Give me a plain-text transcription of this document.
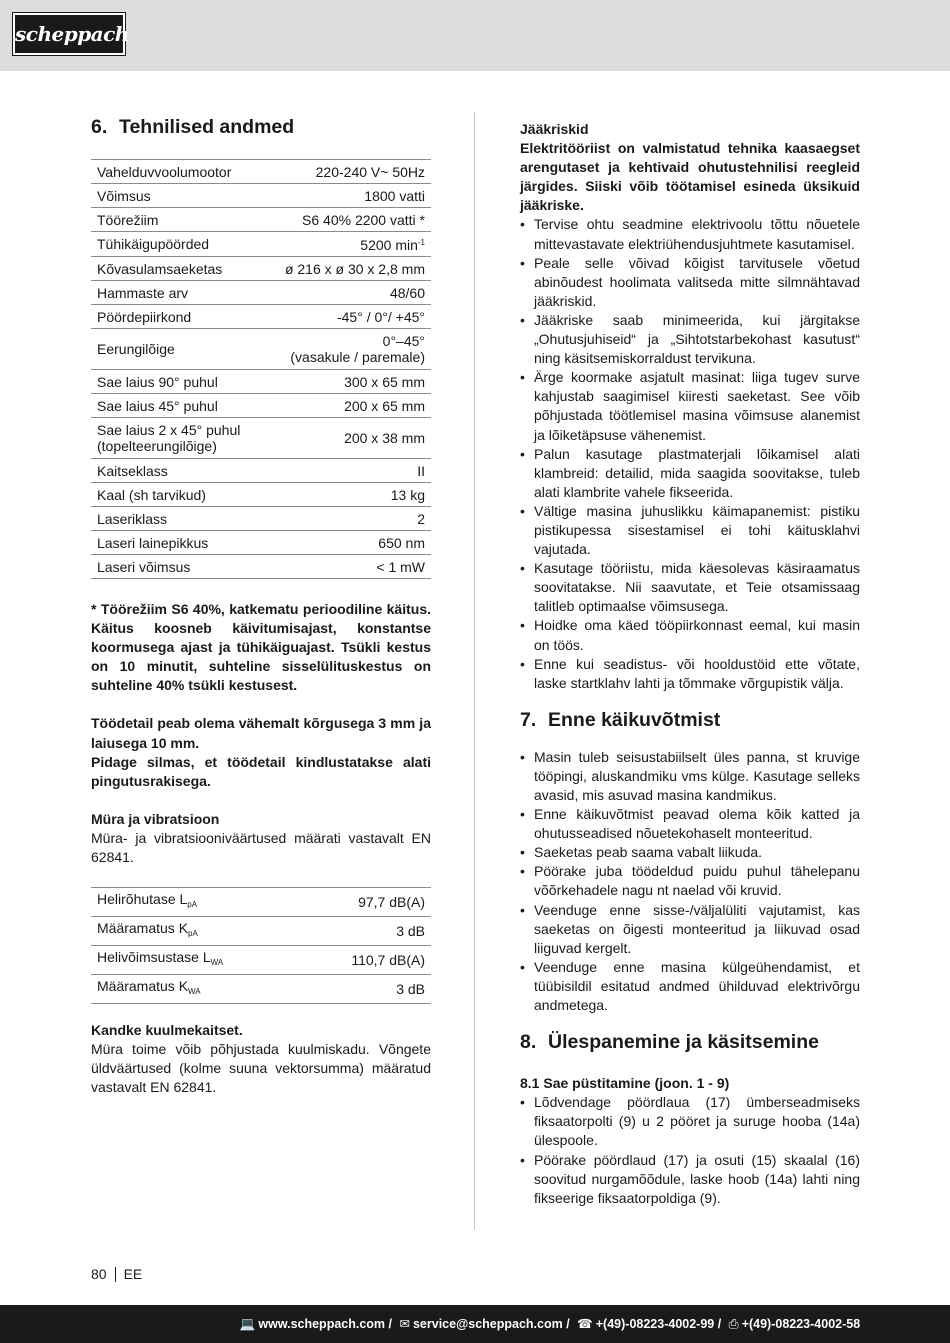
scheppach
6. Tehnilised andmed
Vahelduvvoolumootor	220-240 V~ 50Hz
Võimsus	1800 vatti
Töörežiim	S6 40% 2200 vatti *
Tühikäigupöörded	5200 $\min^{-1}$
Kõvasulamsaeketas	ø 216 x ø 30 x 2,8 mm
Hammaste arv	48/60
Pöördepiirkond	-45° / 0°/ +45°
Eerungilõige	0°–45°
(vasakule / paremale)

Sae laius 90° puhul	300 x 65 mm
Sae laius 45° puhul	200 x 65 mm

Sae laius 2 x 45° puhul
(topelteerungilõige)	200 x 38 mm
Kaitseklass	II
Kaal (sh tarvikud)	13 kg
Laseriklass	2
Laseri lainepikkus	650 nm
Laseri võimsus	< 1 mW

* Töörežiim S6 40%, katkematu perioodiline käitus. Käitus koosneb käivitumisajast, konstantse koormusega ajast ja tühikäiguajast. Tsükli kestus on 10 minutit, suhteline sisselülituskestus on suhteline 40% tsükli kestusest.

Töödetail peab olema vähemalt kõrgusega 3 mm ja laiusega 10 mm.

Pidage silmas, et töödetail kindlustatakse alati pingutusrakisega.

Müra ja vibratsioon

Müra- ja vibratsiooniväärtused määrati vastavalt EN 62841.

Helirõhutase $L_{pA}$	97,7 dB(A)
Määramatus $K_{pA}$	3 dB
Helivõimsustase $L_{WA}$	110,7 dB(A)
Määramatus $K_{WA}$	3 dB

Kandke kuulmekaitset.

Müra toime võib põhjustada kuulmiskadu. Võngete üldväärtused (kolme suuna vektorsumma) määratud vastavalt EN 62841.

Jääkriskid

Elektritööriist on valmistatud tehnika kaasaegset arengutaset ja kehtivaid ohutustehnilisi reegleid järgides. Siiski võib töötamisel esineda üksikuid jääkriske.

• Tervise ohtu seadmine elektrivoolu tõttu nõuetele mittevastavate elektriühendusjuhtmete kasutamisel.
• Peale selle võivad kõigist tarvitusele võetud abinõudest hoolimata valitseda mitte silmnähtavad jääkriskid.
• Jääkriske saab minimeerida, kui järgitakse „Ohutusjuhiseid“ ja „Sihtotstarbekohast kasutust“ ning käsitsemiskorraldust tervikuna.
• Ärge koormake asjatult masinat: liiga tugev surve kahjustab saagimisel kiiresti saeketast. See võib põhjustada töötlemisel masina võimsuse alanemist ja lõiketäpsuse vähenemist.
• Palun kasutage plastmaterjali lõikamisel alati klambreid: detailid, mida saagida soovitakse, tuleb alati klambrite vahele fikseerida.
• Vältige masina juhuslikku käimapanemist: pistiku pistikupessa sisestamisel ei tohi käitusklahvi vajutada.
• Kasutage tööriistu, mida käesolevas käsiraamatus soovitatakse. Nii saavutate, et Teie otsamissaag talitleb optimaalse võimsusega.
• Hoidke oma käed tööpiirkonnast eemal, kui masin on töös.
• Enne kui seadistus- või hooldustöid ette võtate, laske startklahv lahti ja tõmmake võrgupistik välja.
7. Enne käikuvõtmist
• Masin tuleb seisustabiilselt üles panna, st kruvige tööpingi, aluskandmiku vms külge. Kasutage selleks avasid, mis asuvad masina kandmikus.
• Enne käikuvõtmist peavad olema kõik katted ja ohutusseadised nõuetekohaselt monteeritud.
• Saeketas peab saama vabalt liikuda.
• Pöörake juba töödeldud puidu puhul tähelepanu võõrkehadele nagu nt naelad või kruvid.
• Veenduge enne sisse-/väljalüliti vajutamist, kas saeketas on õigesti monteeritud ja liikuvad osad liiguvad kergelt.
• Veenduge enne masina külgeühendamist, et tüübisildil esitatud andmed ühilduvad elektrivõrgu andmetega.
8. Ülespanemine ja käsitsemine

8.1 Sae püstitamine (joon. 1 - 9)

• Lõdvendage pöördlaua (17) ümberseadmiseks fiksaatorpolti (9) u 2 pööret ja suruge hooba (14a) ülespoole.
• Pöörake pöördlaud (17) ja osuti (15) skaalal (16) soovitud nurgamõõdule, laske hoob (14a) lahti ning fikseerige fiksaatorpoldiga (9).
80 EE
💻 www.scheppach.com / ✉ service@scheppach.com / ☎ +(49)-08223-4002-99 / ⎙ +(49)-08223-4002-58
